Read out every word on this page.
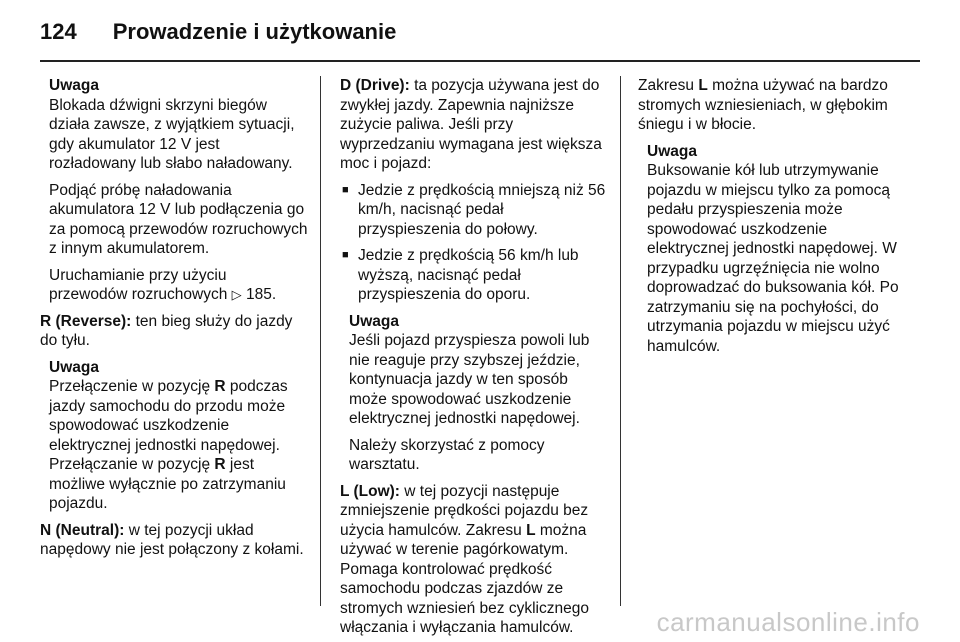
124 Prowadzenie i użytkowanie
Uwaga

Blokada dźwigni skrzyni biegów działa zawsze, z wyjątkiem sytuacji, gdy akumulator 12 V jest rozładowany lub słabo naładowany.

Podjąć próbę naładowania akumulatora 12 V lub podłączenia go za pomocą przewodów rozruchowych z innym akumulatorem.

Uruchamianie przy użyciu przewodów rozruchowych ▷ 185.

R (Reverse): ten bieg służy do jazdy do tyłu.

Uwaga

Przełączenie w pozycję R podczas jazdy samochodu do przodu może spowodować uszkodzenie elektrycznej jednostki napędowej. Przełączanie w pozycję R jest możliwe wyłącznie po zatrzymaniu pojazdu.

N (Neutral): w tej pozycji układ napędowy nie jest połączony z kołami.

D (Drive): ta pozycja używana jest do zwykłej jazdy. Zapewnia najniższe zużycie paliwa. Jeśli przy wyprzedzaniu wymagana jest większa moc i pojazd:

■ Jedzie z prędkością mniejszą niż 56 km/h, nacisnąć pedał przyspieszenia do połowy.
■ Jedzie z prędkością 56 km/h lub wyższą, nacisnąć pedał przyspieszenia do oporu.
Uwaga

Jeśli pojazd przyspiesza powoli lub nie reaguje przy szybszej jeździe, kontynuacja jazdy w ten sposób może spowodować uszkodzenie elektrycznej jednostki napędowej.

Należy skorzystać z pomocy warsztatu.

L (Low): w tej pozycji następuje zmniejszenie prędkości pojazdu bez użycia hamulców. Zakresu L można używać w terenie pagórkowatym. Pomaga kontrolować prędkość samochodu podczas zjazdów ze stromych wzniesień bez cyklicznego włączania i wyłączania hamulców.

Zakresu L można używać na bardzo stromych wzniesieniach, w głębokim śniegu i w błocie.

Uwaga

Buksowanie kół lub utrzymywanie pojazdu w miejscu tylko za pomocą pedału przyspieszenia może spowodować uszkodzenie elektrycznej jednostki napędowej. W przypadku ugrzęźnięcia nie wolno doprowadzać do buksowania kół. Po zatrzymaniu się na pochyłości, do utrzymania pojazdu w miejscu użyć hamulców.

carmanualsonline.info
